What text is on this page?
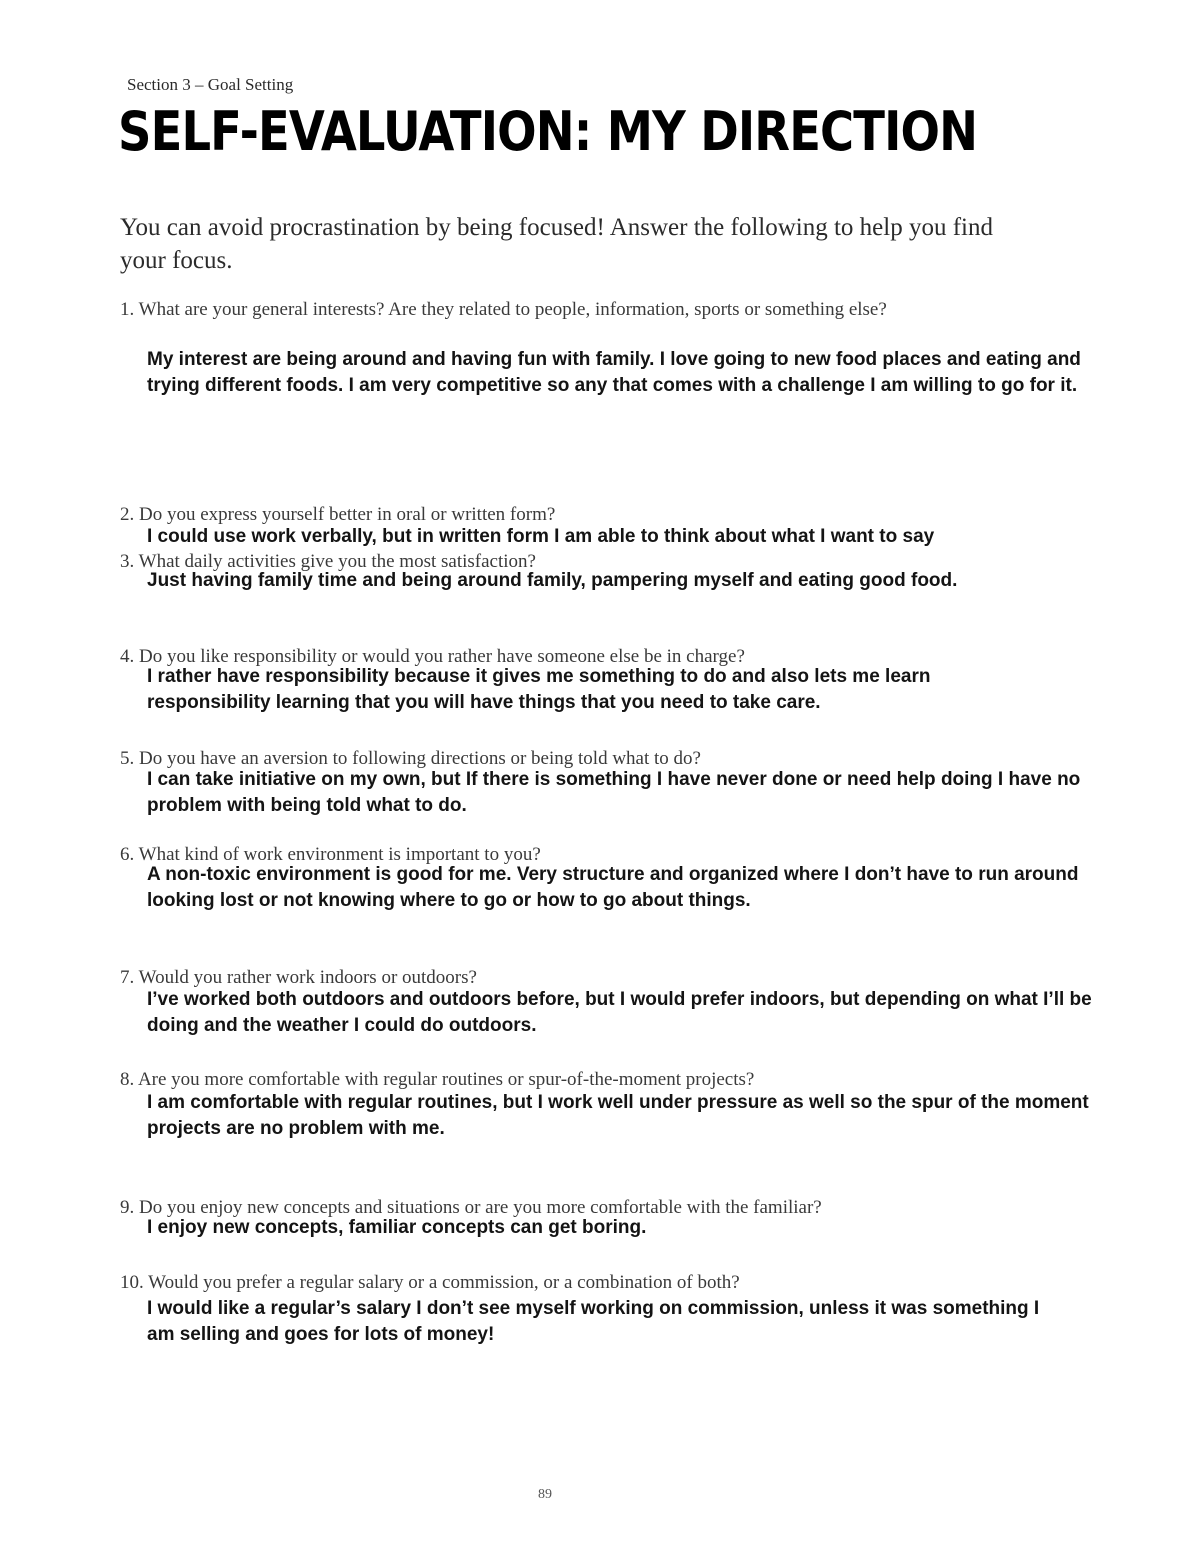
Section 3 – Goal Setting
SELF-EVALUATION: MY DIRECTION
You can avoid procrastination by being focused! Answer the following to help you find your focus.
1. What are your general interests? Are they related to people, information, sports or something else?
My interest are being around and having fun with family. I love going to new food places and eating and trying different foods. I am very competitive so any that comes with a challenge I am willing to go for it.
2. Do you express yourself better in oral or written form?
I could use work verbally, but in written form I am able to think about what I want to say
3. What daily activities give you the most satisfaction?
Just having family time and being around family, pampering myself and eating good food.
4. Do you like responsibility or would you rather have someone else be in charge?
I rather have responsibility because it gives me something to do and also lets me learn responsibility learning that you will have things that you need to take care.
5. Do you have an aversion to following directions or being told what to do?
I can take initiative on my own, but If there is something I have never done or need help doing I have no problem with being told what to do.
6. What kind of work environment is important to you?
A non-toxic environment is good for me. Very structure and organized where I don’t have to run around looking lost or not knowing where to go or how to go about things.
7. Would you rather work indoors or outdoors?
I’ve worked both outdoors and outdoors before, but I would prefer indoors, but depending on what I’ll be doing and the weather I could do outdoors.
8. Are you more comfortable with regular routines or spur-of-the-moment projects?
I am comfortable with regular routines, but I work well under pressure as well so the spur of the moment projects are no problem with me.
9. Do you enjoy new concepts and situations or are you more comfortable with the familiar?
I enjoy new concepts, familiar concepts can get boring.
10. Would you prefer a regular salary or a commission, or a combination of both?
I would like a regular’s salary I don’t see myself working on commission, unless it was something I am selling and goes for lots of money!
89
